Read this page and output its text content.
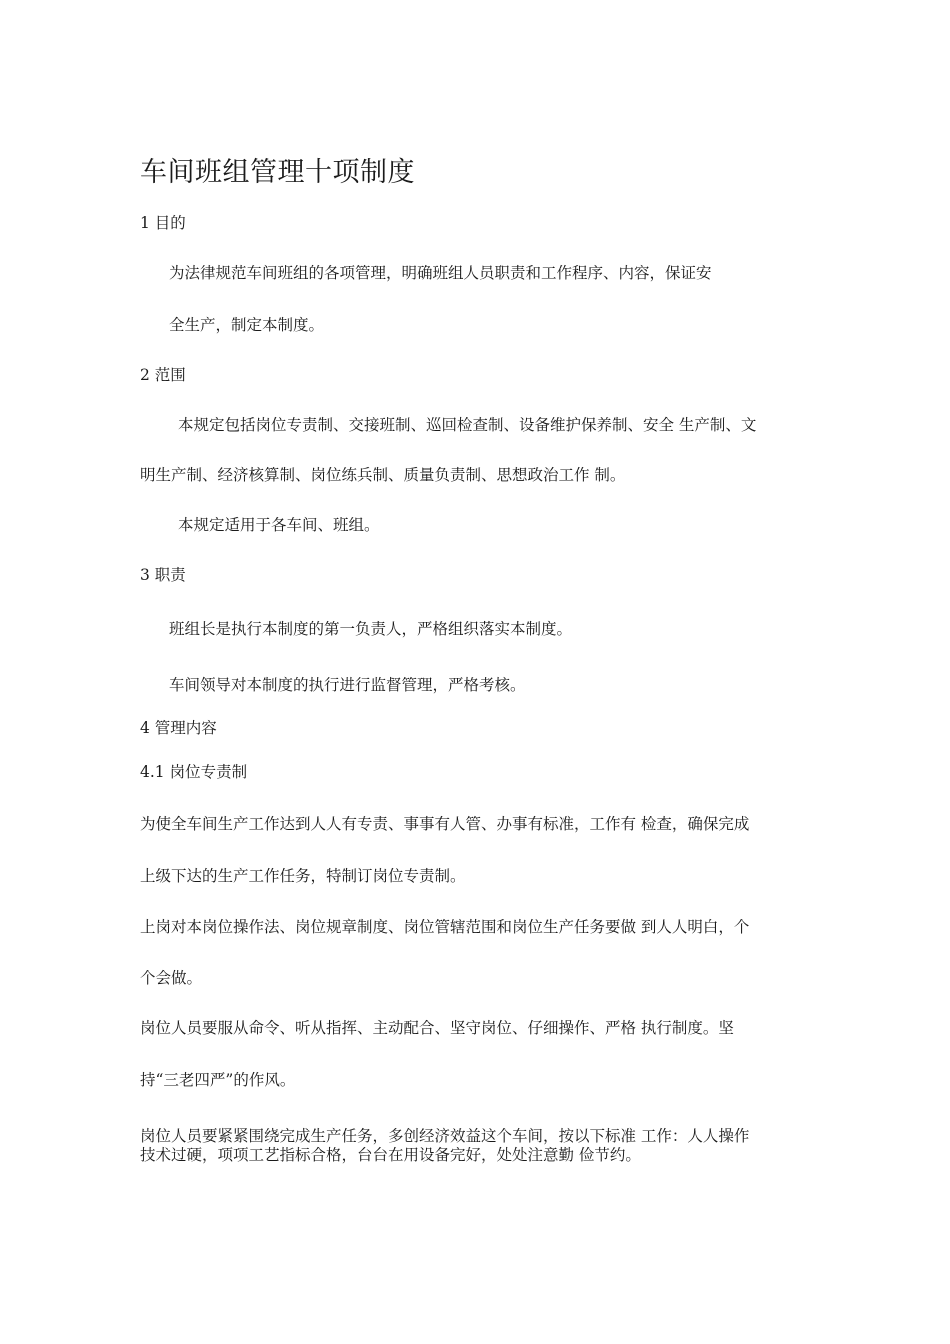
车间班组管理十项制度
1 目的
为法律规范车间班组的各项管理，明确班组人员职责和工作程序、内容，保证安
全生产，制定本制度。
2 范围
本规定包括岗位专责制、交接班制、巡回检查制、设备维护保养制、安全 生产制、文
明生产制、经济核算制、岗位练兵制、质量负责制、思想政治工作 制。
本规定适用于各车间、班组。
3 职责
班组长是执行本制度的第一负责人，严格组织落实本制度。
车间领导对本制度的执行进行监督管理，严格考核。
4 管理内容
4.1 岗位专责制
为使全车间生产工作达到人人有专责、事事有人管、办事有标准，工作有 检查，确保完成
上级下达的生产工作任务，特制订岗位专责制。
上岗对本岗位操作法、岗位规章制度、岗位管辖范围和岗位生产任务要做 到人人明白，个
个会做。
岗位人员要服从命令、听从指挥、主动配合、坚守岗位、仔细操作、严格 执行制度。坚
持“三老四严”的作风。
岗位人员要紧紧围绕完成生产任务，多创经济效益这个车间，按以下标准 工作：人人操作
技术过硬，项项工艺指标合格，台台在用设备完好，处处注意勤 俭节约。
